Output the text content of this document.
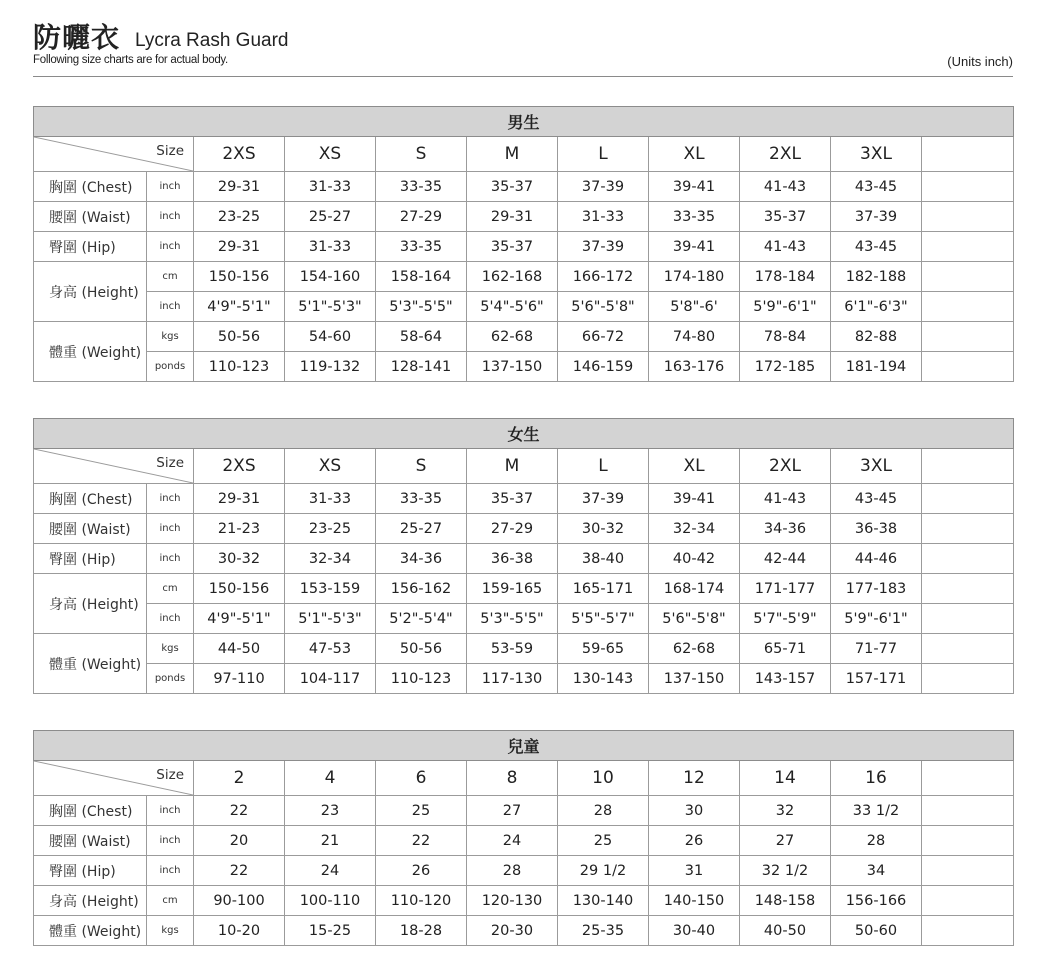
防曬衣 Lycra Rash Guard
Following size charts are for actual body.	(Units inch)
男生										

Size		2XS	XS	S	M	L	XL	2XL	3XL	
胸圍 (Chest)	inch	29-31	31-33	33-35	35-37	37-39	39-41	41-43	43-45	
腰圍 (Waist)	inch	23-25	25-27	27-29	29-31	31-33	33-35	35-37	37-39	
臀圍 (Hip)	inch	29-31	31-33	33-35	35-37	37-39	39-41	41-43	43-45	
身高 (Height)	cm	150-156	154-160	158-164	162-168	166-172	174-180	178-184	182-188	
	inch	4'9"-5'1"	5'1"-5'3"	5'3"-5'5"	5'4"-5'6"	5'6"-5'8"	5'8"-6'	5'9"-6'1"	6'1"-6'3"	
體重 (Weight)	kgs	50-56	54-60	58-64	62-68	66-72	74-80	78-84	82-88	
	ponds	110-123	119-132	128-141	137-150	146-159	163-176	172-185	181-194	
女生										

Size		2XS	XS	S	M	L	XL	2XL	3XL	
胸圍 (Chest)	inch	29-31	31-33	33-35	35-37	37-39	39-41	41-43	43-45	
腰圍 (Waist)	inch	21-23	23-25	25-27	27-29	30-32	32-34	34-36	36-38	
臀圍 (Hip)	inch	30-32	32-34	34-36	36-38	38-40	40-42	42-44	44-46	
身高 (Height)	cm	150-156	153-159	156-162	159-165	165-171	168-174	171-177	177-183	
	inch	4'9"-5'1"	5'1"-5'3"	5'2"-5'4"	5'3"-5'5"	5'5"-5'7"	5'6"-5'8"	5'7"-5'9"	5'9"-6'1"	
體重 (Weight)	kgs	44-50	47-53	50-56	53-59	59-65	62-68	65-71	71-77	
	ponds	97-110	104-117	110-123	117-130	130-143	137-150	143-157	157-171	
兒童										

Size		2	4	6	8	10	12	14	16	
胸圍 (Chest)	inch	22	23	25	27	28	30	32	33 1/2	
腰圍 (Waist)	inch	20	21	22	24	25	26	27	28	
臀圍 (Hip)	inch	22	24	26	28	29 1/2	31	32 1/2	34	
身高 (Height)	cm	90-100	100-110	110-120	120-130	130-140	140-150	148-158	156-166	
體重 (Weight)	kgs	10-20	15-25	18-28	20-30	25-35	30-40	40-50	50-60	
